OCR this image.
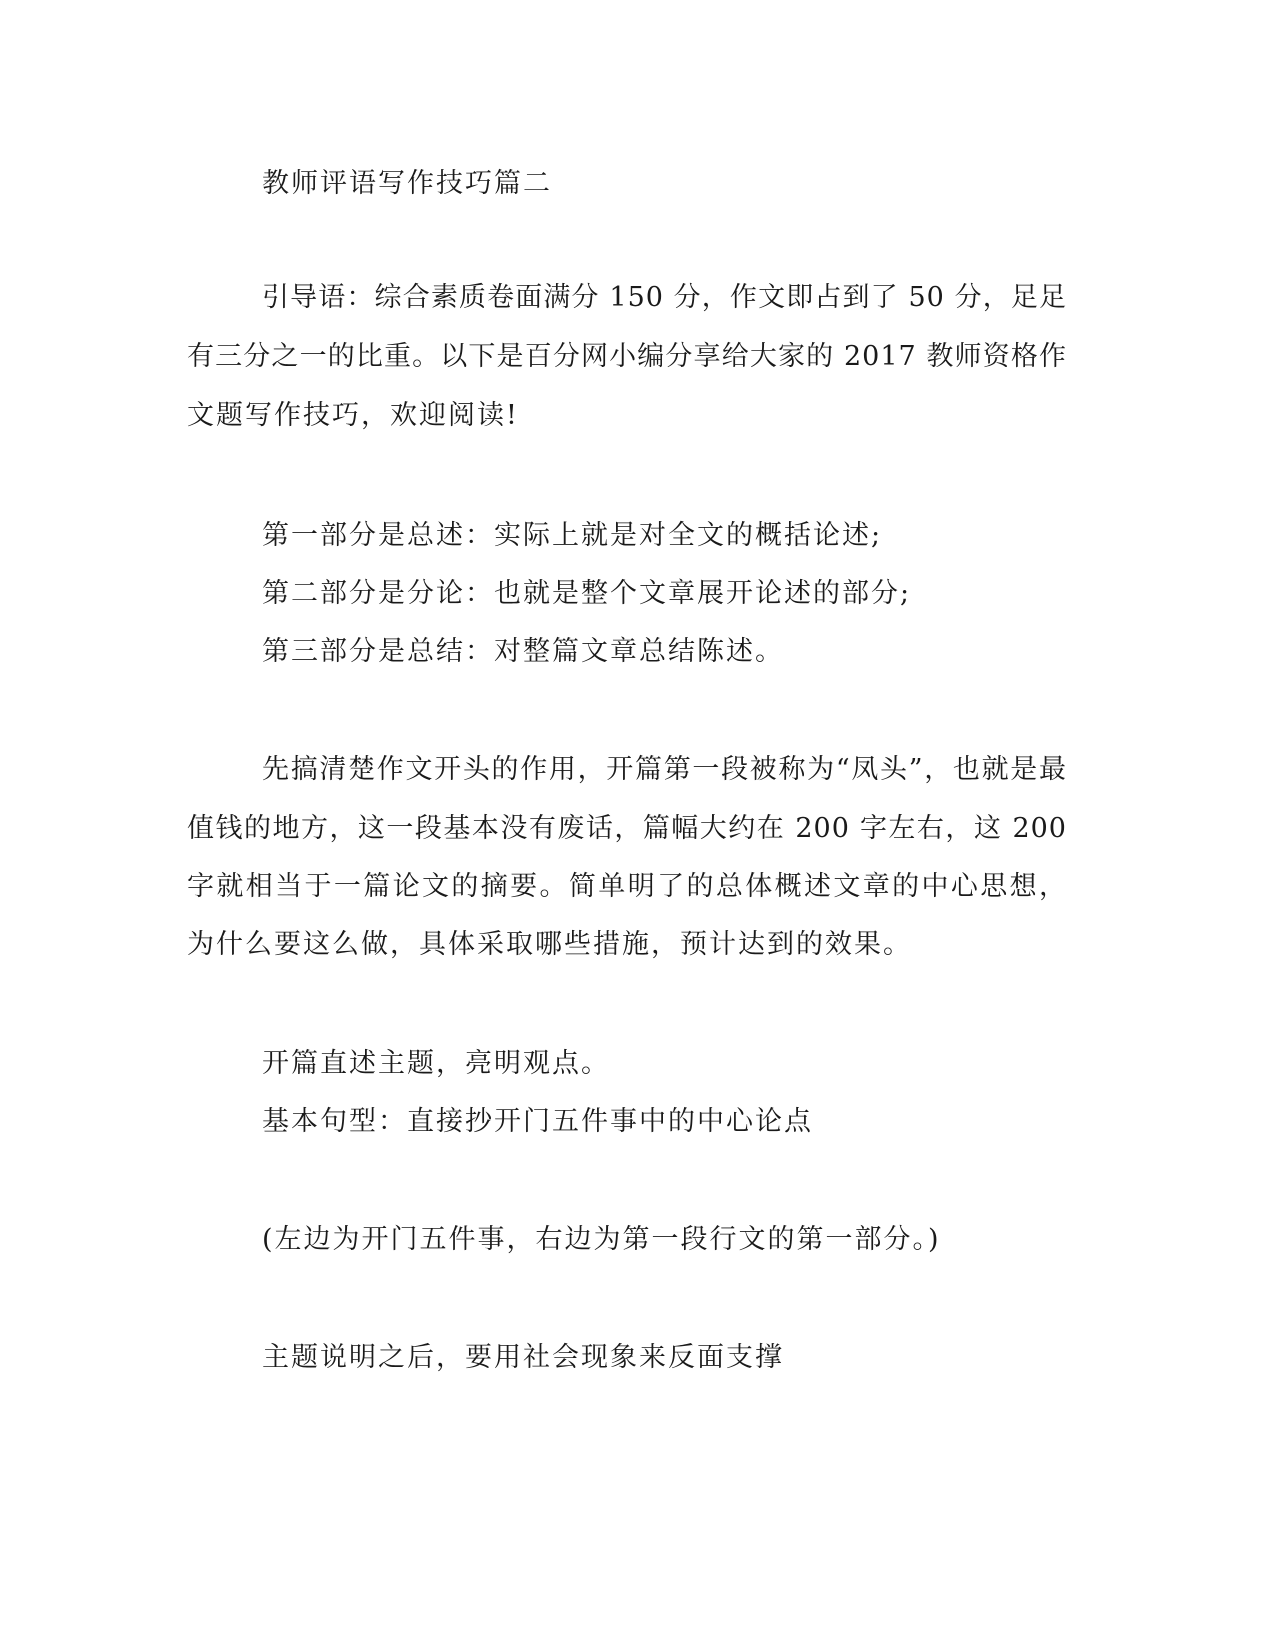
教师评语写作技巧篇二
引导语：综合素质卷面满分 150 分，作文即占到了 50 分，足足
有三分之一的比重。以下是百分网小编分享给大家的 2017 教师资格作
文题写作技巧，欢迎阅读!
第一部分是总述：实际上就是对全文的概括论述;
第二部分是分论：也就是整个文章展开论述的部分;
第三部分是总结：对整篇文章总结陈述。
先搞清楚作文开头的作用，开篇第一段被称为“凤头”，也就是最
值钱的地方，这一段基本没有废话，篇幅大约在 200 字左右，这 200
字就相当于一篇论文的摘要。简单明了的总体概述文章的中心思想，
为什么要这么做，具体采取哪些措施，预计达到的效果。
开篇直述主题，亮明观点。
基本句型：直接抄开门五件事中的中心论点
(左边为开门五件事，右边为第一段行文的第一部分。)
主题说明之后，要用社会现象来反面支撑
